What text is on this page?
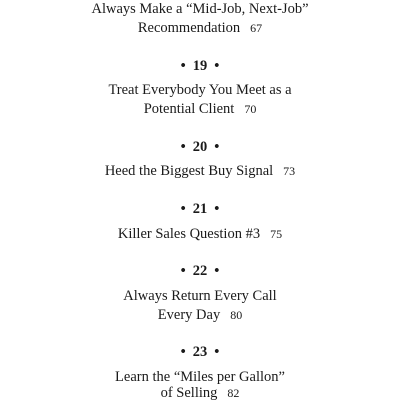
Always Make a “Mid-Job, Next-Job”
Recommendation 67
• 19 •
Treat Everybody You Meet as a
Potential Client 70
• 20 •
Heed the Biggest Buy Signal 73
• 21 •
Killer Sales Question #3 75
• 22 •
Always Return Every Call
Every Day 80
• 23 •
Learn the “Miles per Gallon”
of Selling 82
